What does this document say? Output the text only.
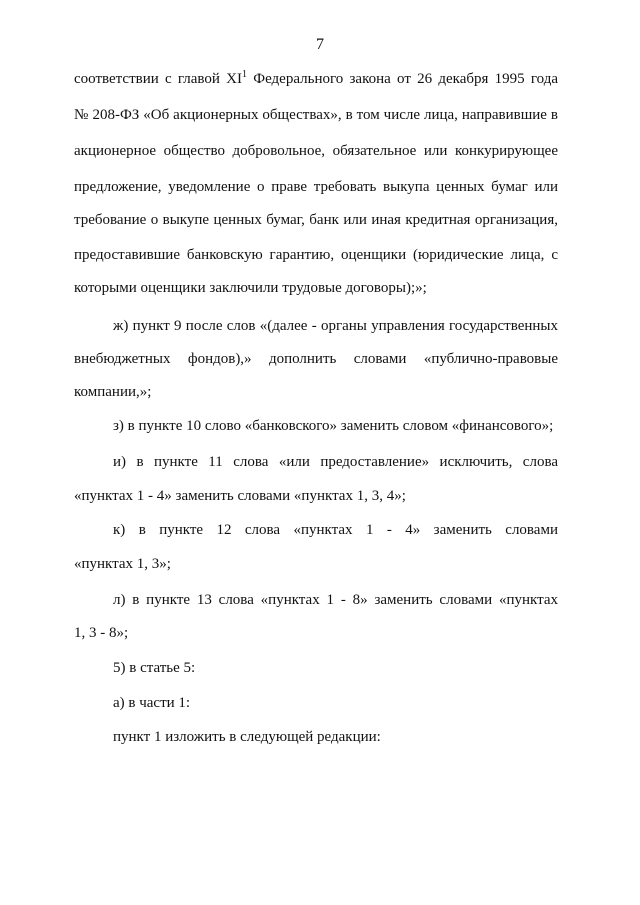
7
соответствии с главой $XI^1$ Федерального закона от 26 декабря 1995 года
№ 208-ФЗ «Об акционерных обществах», в том числе лица, направившие в
акционерное общество добровольное, обязательное или конкурирующее
предложение, уведомление о праве требовать выкупа ценных бумаг или
требование о выкупе ценных бумаг, банк или иная кредитная организация,
предоставившие банковскую гарантию, оценщики (юридические лица, с
которыми оценщики заключили трудовые договоры);»;
ж) пункт 9 после слов «(далее - органы управления государственных
внебюджетных фондов),» дополнить словами «публично-правовые
компании,»;
з) в пункте 10 слово «банковского» заменить словом «финансового»;
и) в пункте 11 слова «или предоставление» исключить, слова
«пунктах 1 - 4» заменить словами «пунктах 1, 3, 4»;
к) в пункте 12 слова «пунктах 1 - 4» заменить словами
«пунктах 1, 3»;
л) в пункте 13 слова «пунктах 1 - 8» заменить словами «пунктах
1, 3 - 8»;
5) в статье 5:
а) в части 1:
пункт 1 изложить в следующей редакции:
